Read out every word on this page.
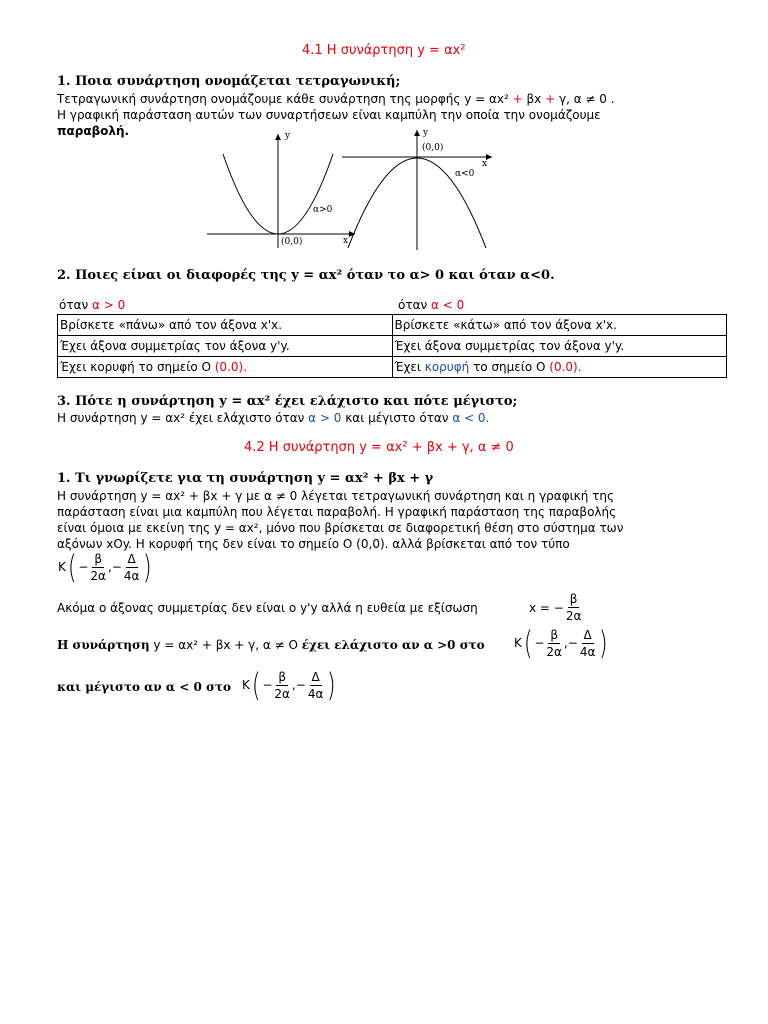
4.1 Η συνάρτηση y = αx²
1. Ποια συνάρτηση ονομάζεται τετραγωνική;
Τετραγωνική συνάρτηση ονομάζουμε κάθε συνάρτηση της μορφής y = αx² + βx + γ, α ≠ 0 .
Η γραφική παράσταση αυτών των συναρτήσεων είναι καμπύλη την οποία την ονομάζουμε
παραβολή.	y
x
α>0
(0,0)
y
x
α<0
(0,0)
2. Ποιες είναι οι διαφορές της y = αx² όταν το α> 0 και όταν α<0.
όταν α > 0	όταν α < 0
Βρίσκετε «πάνω» από τον άξονα x'x.	Βρίσκετε «κάτω» από τον άξονα x'x.
Έχει άξονα συμμετρίας τον άξονα y'y.	Έχει άξονα συμμετρίας τον άξονα y'y.
Έχει κορυφή το σημείο Ο (0.0).	Έχει κορυφή το σημείο Ο (0.0).
3. Πότε η συνάρτηση y = αx² έχει ελάχιστο και πότε μέγιστο;
Η συνάρτηση y = αx² έχει ελάχιστο όταν α > 0 και μέγιστο όταν α < 0.
4.2 Η συνάρτηση y = αx² + βx + γ, α ≠ 0
1. Τι γνωρίζετε για τη συνάρτηση y = αx² + βx + γ
Η συνάρτηση y = αx² + βx + γ με α ≠ 0 λέγεται τετραγωνική συνάρτηση και η γραφική της
παράσταση είναι μια καμπύλη που λέγεται παραβολή. Η γραφική παράσταση της παραβολής
είναι όμοια με εκείνη της y = αx², μόνο που βρίσκεται σε διαφορετική θέση στο σύστημα των
αξόνων xOy. Η κορυφή της δεν είναι το σημείο Ο (0,0). αλλά βρίσκεται από τον τύπο
K ( − $\frac{\beta}{2\alpha}$ , − $\frac{\Delta}{4\alpha}$ )
Ακόμα ο άξονας συμμετρίας δεν είναι ο y'y αλλά η ευθεία με εξίσωση	x = − $\frac{\beta}{2\alpha}$
Η συνάρτηση y = αx² + βx + γ, α ≠ O έχει ελάχιστο αν α >0 στο K ( − $\frac{\beta}{2\alpha}$ , − $\frac{\Delta}{4\alpha}$ )
και μέγιστο αν α < 0 στο K ( − $\frac{\beta}{2\alpha}$ , − $\frac{\Delta}{4\alpha}$ )
